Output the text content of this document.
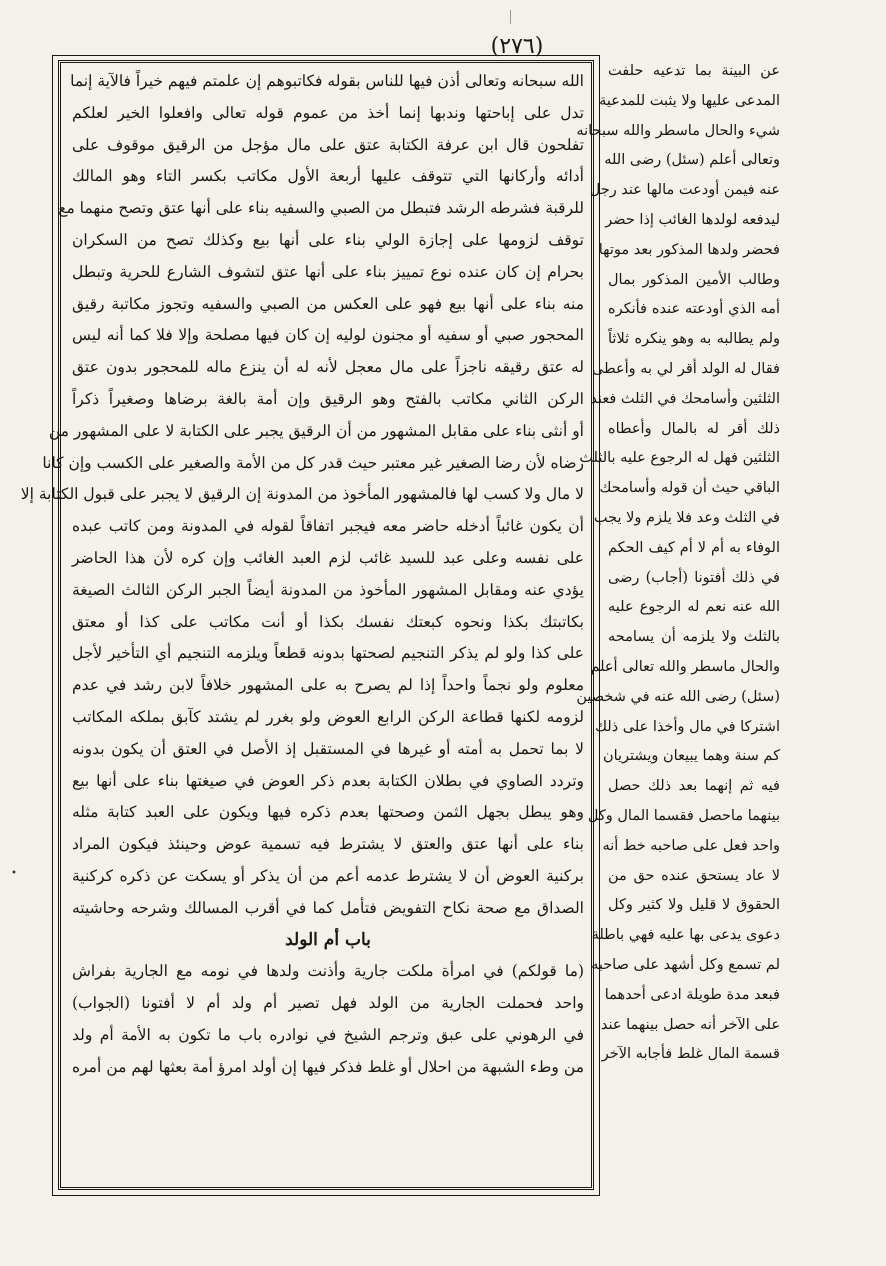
(٢٧٦)
الله سبحانه وتعالى أذن فيها للناس بقوله فكاتبوهم إن علمتم فيهم خيراً فالآية إنما
تدل على إباحتها وندبها إنما أخذ من عموم قوله تعالى وافعلوا الخير لعلكم
تفلحون قال ابن عرفة الكتابة عتق على مال مؤجل من الرقيق موقوف على
أدائه وأركانها التي تتوقف عليها أربعة الأول مكاتب بكسر التاء وهو المالك
للرقبة فشرطه الرشد فتبطل من الصبي والسفيه بناء على أنها عتق وتصح منهما مع
توقف لزومها على إجازة الولي بناء على أنها بيع وكذلك تصح من السكران
بحرام إن كان عنده نوع تمييز بناء على أنها عتق لتشوف الشارع للحرية وتبطل
منه بناء على أنها بيع فهو على العكس من الصبي والسفيه وتجوز مكاتبة رقيق
المحجور صبي أو سفيه أو مجنون لوليه إن كان فيها مصلحة وإلا فلا كما أنه ليس
له عتق رقيقه ناجزاً على مال معجل لأنه له أن ينزع ماله للمحجور بدون عتق
الركن الثاني مكاتب بالفتح وهو الرقيق وإن أمة بالغة برضاها وصغيراً ذكراً
أو أنثى بناء على مقابل المشهور من أن الرقيق يجبر على الكتابة لا على المشهور من
رضاه لأن رضا الصغير غير معتبر حيث قدر كل من الأمة والصغير على الكسب وإن كانا
لا مال ولا كسب لها فالمشهور المأخوذ من المدونة إن الرقيق لا يجبر على قبول الكتابة إلا
أن يكون غائباً أدخله حاضر معه فيجبر اتفاقاً لقوله في المدونة ومن كاتب عبده
على نفسه وعلى عبد للسيد غائب لزم العبد الغائب وإن كره لأن هذا الحاضر
يؤدي عنه ومقابل المشهور المأخوذ من المدونة أيضاً الجبر الركن الثالث الصيغة
بكاتبتك بكذا ونحوه كبعتك نفسك بكذا أو أنت مكاتب على كذا أو معتق
على كذا ولو لم يذكر التنجيم لصحتها بدونه قطعاً ويلزمه التنجيم أي التأخير لأجل
معلوم ولو نجماً واحداً إذا لم يصرح به على المشهور خلافاً لابن رشد في عدم
لزومه لكنها قطاعة الركن الرابع العوض ولو بغرر لم يشتد كآبق بملكه المكاتب
لا بما تحمل به أمته أو غيرها في المستقبل إذ الأصل في العتق أن يكون بدونه
وتردد الصاوي في بطلان الكتابة بعدم ذكر العوض في صيغتها بناء على أنها بيع
وهو يبطل بجهل الثمن وصحتها بعدم ذكره فيها ويكون على العبد كتابة مثله
بناء على أنها عتق والعتق لا يشترط فيه تسمية عوض وحينئذ فيكون المراد
بركنية العوض أن لا يشترط عدمه أعم من أن يذكر أو يسكت عن ذكره كركنية
الصداق مع صحة نكاح التفويض فتأمل كما في أقرب المسالك وشرحه وحاشيته
باب أم الولد
(ما قولكم) في امرأة ملكت جارية وأذنت ولدها في نومه مع الجارية بفراش
واحد فحملت الجارية من الولد فهل تصير أم ولد أم لا أفتونا (الجواب)
في الرهوني على عبق وترجم الشيخ في نوادره باب ما تكون به الأمة أم ولد
من وطء الشبهة من احلال أو غلط فذكر فيها إن أولد امرؤ أمة بعثها لهم من أمره
عن البينة بما تدعيه حلفت
المدعى عليها ولا يثبت للمدعية
شيء والحال ماسطر والله سبحانه
وتعالى أعلم (سئل) رضى الله
عنه فيمن أودعت مالها عند رجل
ليدفعه لولدها الغائب إذا حضر
فحضر ولدها المذكور بعد موتها
وطالب الأمين المذكور بمال
أمه الذي أودعته عنده فأنكره
ولم يطالبه به وهو ينكره ثلاثاً
فقال له الولد أقر لي به وأعطى
الثلثين وأسامحك في الثلث فعند
ذلك أقر له بالمال وأعطاه
الثلثين فهل له الرجوع عليه بالثلث
الباقي حيث أن قوله وأسامحك
في الثلث وعد فلا يلزم ولا يجب
الوفاء به أم لا أم كيف الحكم
في ذلك أفتونا (أجاب) رضى
الله عنه نعم له الرجوع عليه
بالثلث ولا يلزمه أن يسامحه
والحال ماسطر والله تعالى أعلم
(سئل) رضى الله عنه في شخصين
اشتركا في مال وأخذا على ذلك
كم سنة وهما يبيعان ويشتريان
فيه ثم إنهما بعد ذلك حصل
بينهما ماحصل فقسما المال وكل
واحد فعل على صاحبه خط أنه
لا عاد يستحق عنده حق من
الحقوق لا قليل ولا كثير وكل
دعوى يدعى بها عليه فهي باطلة
لم تسمع وكل أشهد على صاحبه
فبعد مدة طويلة ادعى أحدهما
على الآخر أنه حصل بينهما عند
قسمة المال غلط فأجابه الآخر
•
